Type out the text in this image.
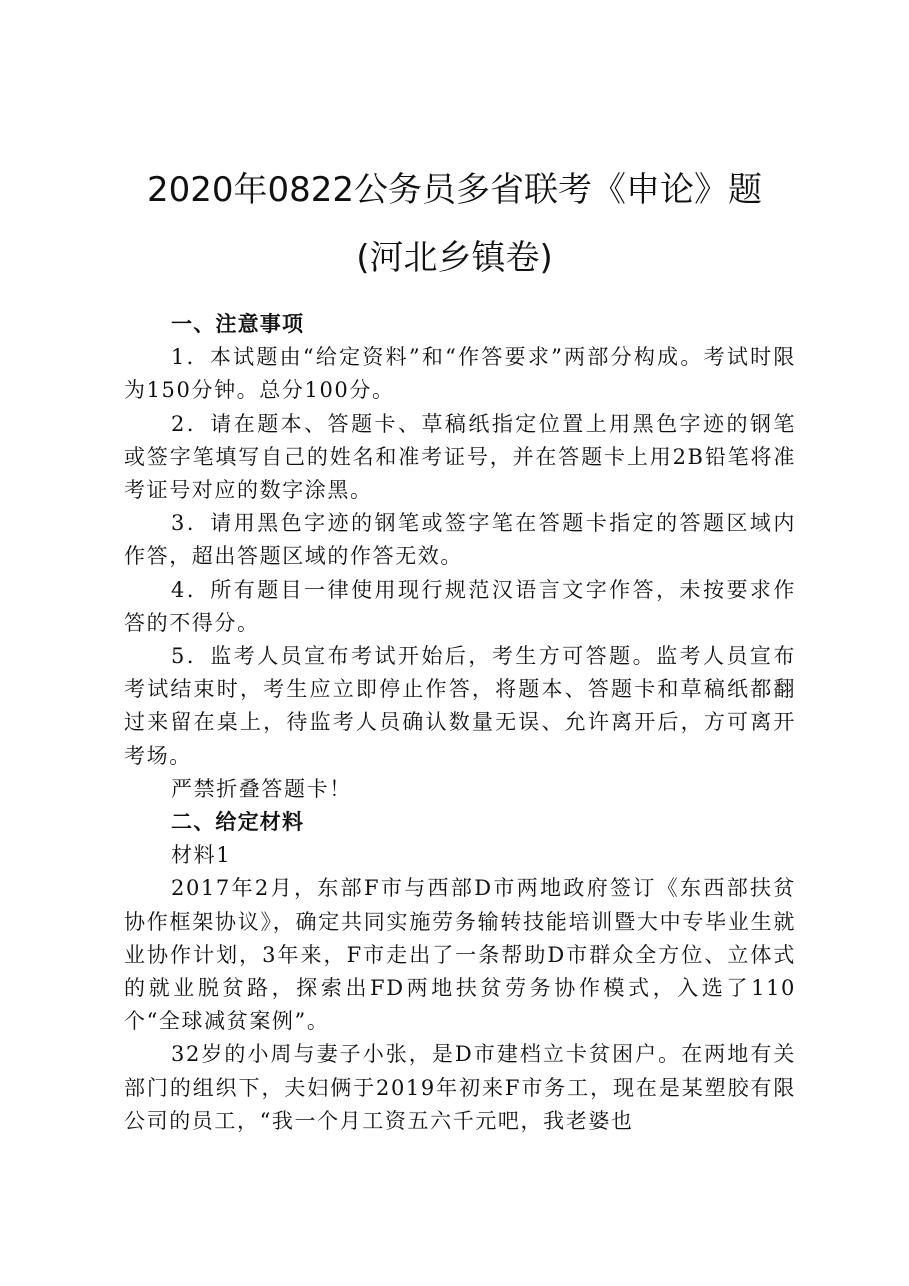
2020年0822公务员多省联考《申论》题
(河北乡镇卷)

一、注意事项

1．本试题由“给定资料”和“作答要求”两部分构成。考试时限为150分钟。总分100分。

2．请在题本、答题卡、草稿纸指定位置上用黑色字迹的钢笔或签字笔填写自己的姓名和准考证号，并在答题卡上用2B铅笔将准考证号对应的数字涂黑。

3．请用黑色字迹的钢笔或签字笔在答题卡指定的答题区域内作答，超出答题区域的作答无效。

4．所有题目一律使用现行规范汉语言文字作答，未按要求作答的不得分。

5．监考人员宣布考试开始后，考生方可答题。监考人员宣布考试结束时，考生应立即停止作答，将题本、答题卡和草稿纸都翻过来留在桌上，待监考人员确认数量无误、允许离开后，方可离开考场。

严禁折叠答题卡！

二、给定材料

材料1

2017年2月，东部F市与西部D市两地政府签订《东西部扶贫协作框架协议》，确定共同实施劳务输转技能培训暨大中专毕业生就业协作计划，3年来，F市走出了一条帮助D市群众全方位、立体式的就业脱贫路，探索出FD两地扶贫劳务协作模式，入选了110个“全球减贫案例”。

32岁的小周与妻子小张，是D市建档立卡贫困户。在两地有关部门的组织下，夫妇俩于2019年初来F市务工，现在是某塑胶有限公司的员工，“我一个月工资五六千元吧，我老婆也
